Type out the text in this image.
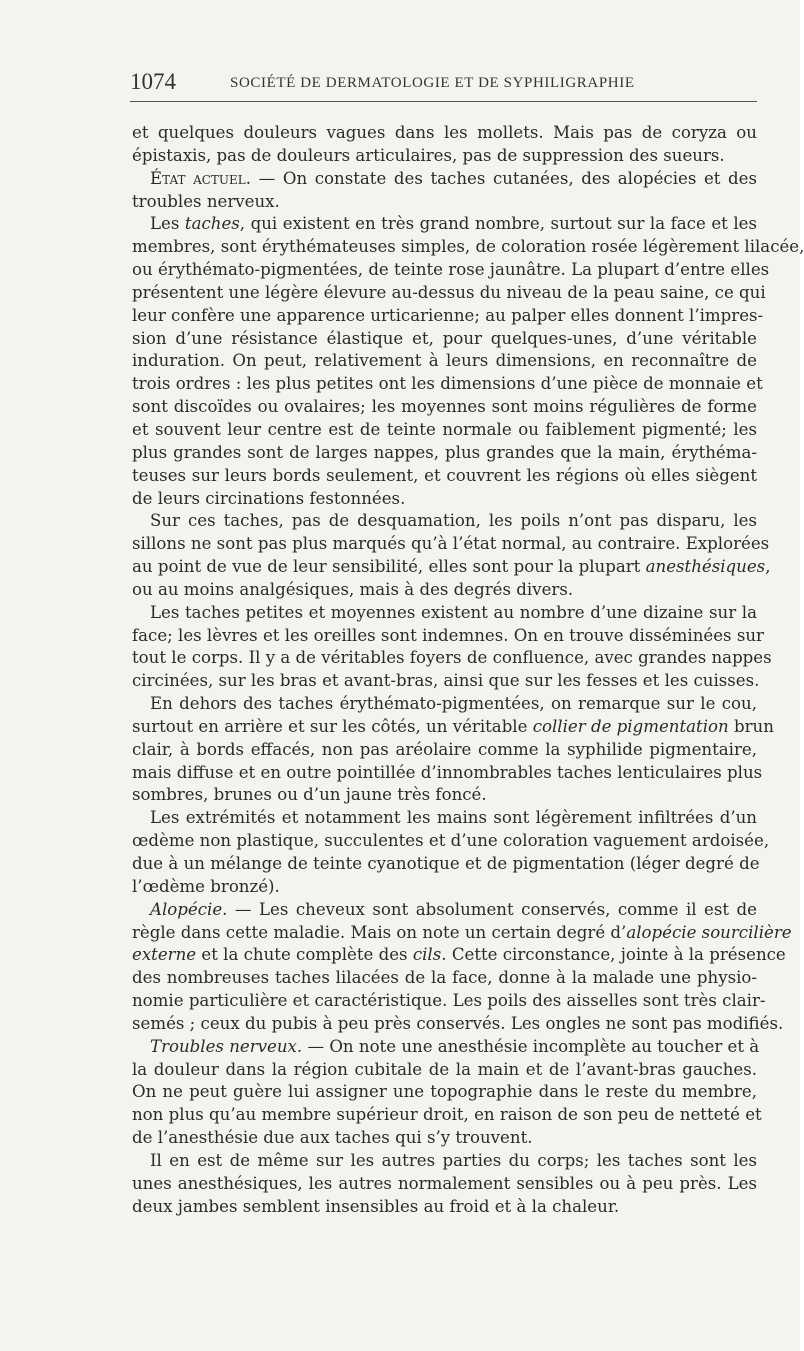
1074	SOCIÉTÉ DE DERMATOLOGIE ET DE SYPHILIGRAPHIE
et quelques douleurs vagues dans les mollets. Mais pas de coryza ou
épistaxis, pas de douleurs articulaires, pas de suppression des sueurs.
État actuel. — On constate des taches cutanées, des alopécies et des
troubles nerveux.
Les taches, qui existent en très grand nombre, surtout sur la face et les
membres, sont érythémateuses simples, de coloration rosée légèrement lilacée,
ou érythémato-pigmentées, de teinte rose jaunâtre. La plupart d’entre elles
présentent une légère élevure au-dessus du niveau de la peau saine, ce qui
leur confère une apparence urticarienne; au palper elles donnent l’impres-
sion d’une résistance élastique et, pour quelques-unes, d’une véritable
induration. On peut, relativement à leurs dimensions, en reconnaître de
trois ordres : les plus petites ont les dimensions d’une pièce de monnaie et
sont discoïdes ou ovalaires; les moyennes sont moins régulières de forme
et souvent leur centre est de teinte normale ou faiblement pigmenté; les
plus grandes sont de larges nappes, plus grandes que la main, érythéma-
teuses sur leurs bords seulement, et couvrent les régions où elles siègent
de leurs circinations festonnées.
Sur ces taches, pas de desquamation, les poils n’ont pas disparu, les
sillons ne sont pas plus marqués qu’à l’état normal, au contraire. Explorées
au point de vue de leur sensibilité, elles sont pour la plupart anesthésiques,
ou au moins analgésiques, mais à des degrés divers.
Les taches petites et moyennes existent au nombre d’une dizaine sur la
face; les lèvres et les oreilles sont indemnes. On en trouve disséminées sur
tout le corps. Il y a de véritables foyers de confluence, avec grandes nappes
circinées, sur les bras et avant-bras, ainsi que sur les fesses et les cuisses.
En dehors des taches érythémato-pigmentées, on remarque sur le cou,
surtout en arrière et sur les côtés, un véritable collier de pigmentation brun
clair, à bords effacés, non pas aréolaire comme la syphilide pigmentaire,
mais diffuse et en outre pointillée d’innombrables taches lenticulaires plus
sombres, brunes ou d’un jaune très foncé.
Les extrémités et notamment les mains sont légèrement infiltrées d’un
œdème non plastique, succulentes et d’une coloration vaguement ardoisée,
due à un mélange de teinte cyanotique et de pigmentation (léger degré de
l’œdème bronzé).
Alopécie. — Les cheveux sont absolument conservés, comme il est de
règle dans cette maladie. Mais on note un certain degré d’alopécie sourcilière
externe et la chute complète des cils. Cette circonstance, jointe à la présence
des nombreuses taches lilacées de la face, donne à la malade une physio-
nomie particulière et caractéristique. Les poils des aisselles sont très clair-
semés ; ceux du pubis à peu près conservés. Les ongles ne sont pas modifiés.
Troubles nerveux. — On note une anesthésie incomplète au toucher et à
la douleur dans la région cubitale de la main et de l’avant-bras gauches.
On ne peut guère lui assigner une topographie dans le reste du membre,
non plus qu’au membre supérieur droit, en raison de son peu de netteté et
de l’anesthésie due aux taches qui s’y trouvent.
Il en est de même sur les autres parties du corps; les taches sont les
unes anesthésiques, les autres normalement sensibles ou à peu près. Les
deux jambes semblent insensibles au froid et à la chaleur.
